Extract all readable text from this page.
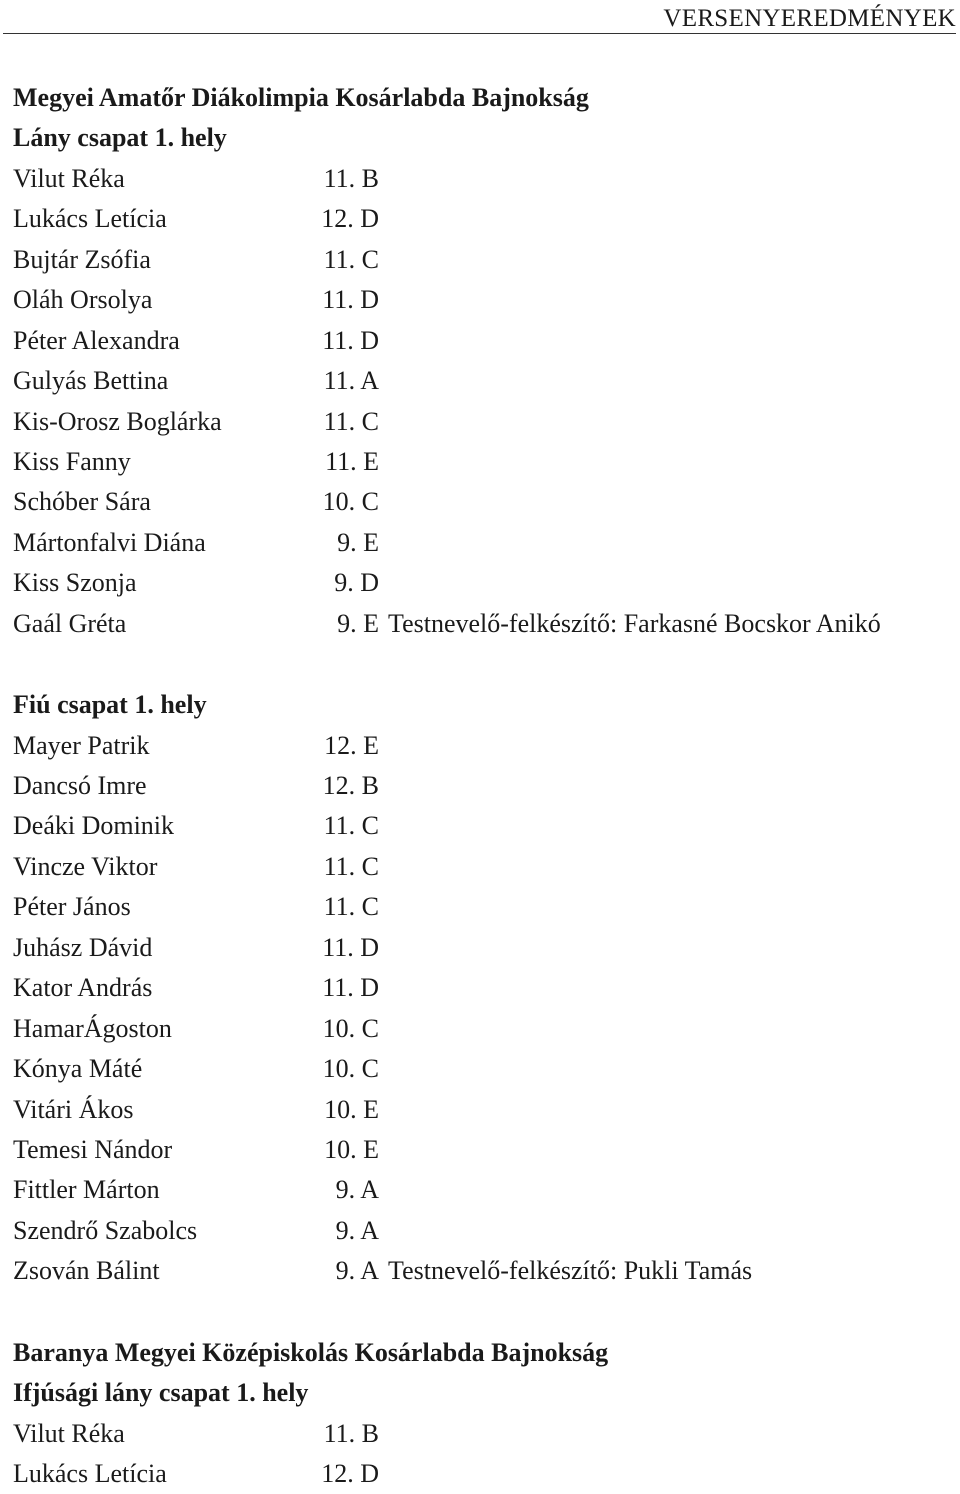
VERSENYEREDMÉNYEK
Megyei Amatőr Diákolimpia Kosárlabda Bajnokság
Lány csapat 1. hely
Vilut Réka	11. B
Lukács Letícia	12. D
Bujtár Zsófia	11. C
Oláh Orsolya	11. D
Péter Alexandra	11. D
Gulyás Bettina	11. A
Kis-Orosz Boglárka	11. C
Kiss Fanny	11. E
Schóber Sára	10. C
Mártonfalvi Diána	9. E
Kiss Szonja	9. D
Gaál Gréta	9. E Testnevelő-felkészítő: Farkasné Bocskor Anikó
Fiú csapat 1. hely
Mayer Patrik	12. E
Dancsó Imre	12. B
Deáki Dominik	11. C
Vincze Viktor	11. C
Péter János	11. C
Juhász Dávid	11. D
Kator András	11. D
HamarÁgoston	10. C
Kónya Máté	10. C
Vitári Ákos	10. E
Temesi Nándor	10. E
Fittler Márton	9. A
Szendrő Szabolcs	9. A
Zsován Bálint	9. A Testnevelő-felkészítő: Pukli Tamás
Baranya Megyei Középiskolás Kosárlabda Bajnokság
Ifjúsági lány csapat 1. hely
Vilut Réka	11. B
Lukács Letícia	12. D
